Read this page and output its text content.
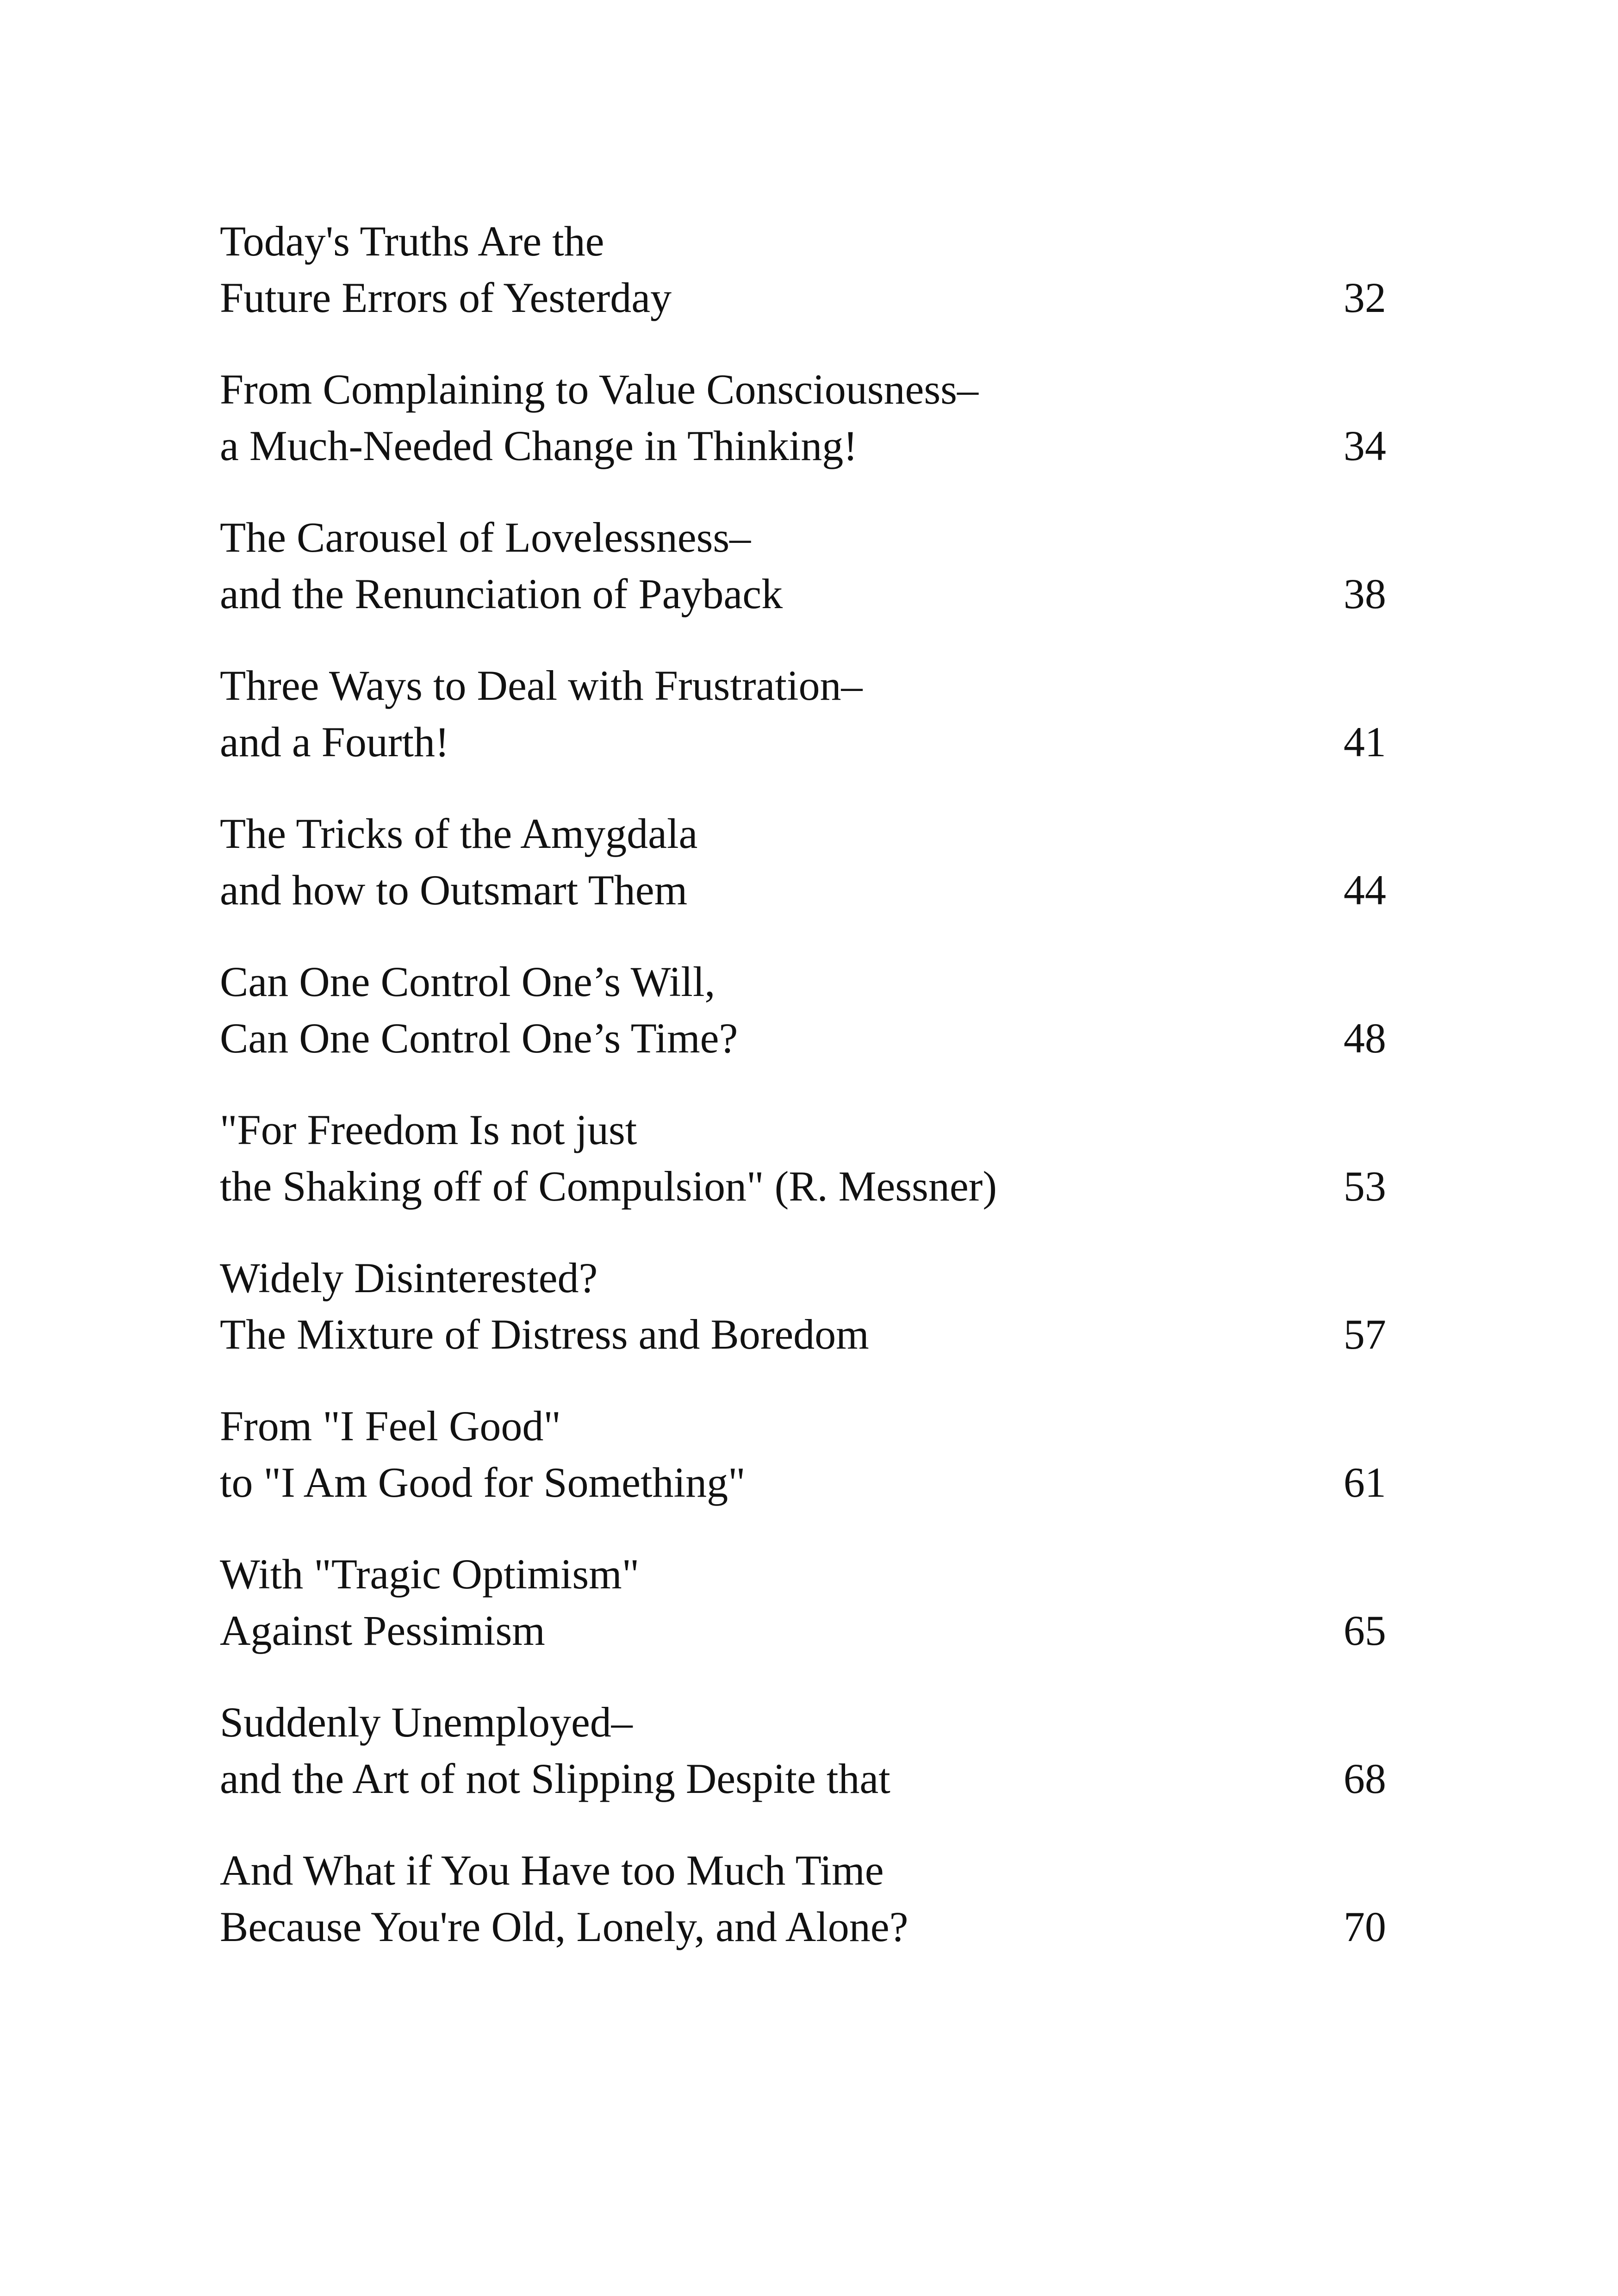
Today's Truths Are the
Future Errors of Yesterday	32
From Complaining to Value Consciousness–
a Much-Needed Change in Thinking!	34
The Carousel of Lovelessness–
and the Renunciation of Payback	38
Three Ways to Deal with Frustration–
and a Fourth!	41
The Tricks of the Amygdala
and how to Outsmart Them	44
Can One Control One’s Will,
Can One Control One’s Time?	48
"For Freedom Is not just
the Shaking off of Compulsion" (R. Messner)	53
Widely Disinterested?
The Mixture of Distress and Boredom	57
From "I Feel Good"
to "I Am Good for Something"	61
With "Tragic Optimism"
Against Pessimism	65
Suddenly Unemployed–
and the Art of not Slipping Despite that	68
And What if You Have too Much Time
Because You're Old, Lonely, and Alone?	70
